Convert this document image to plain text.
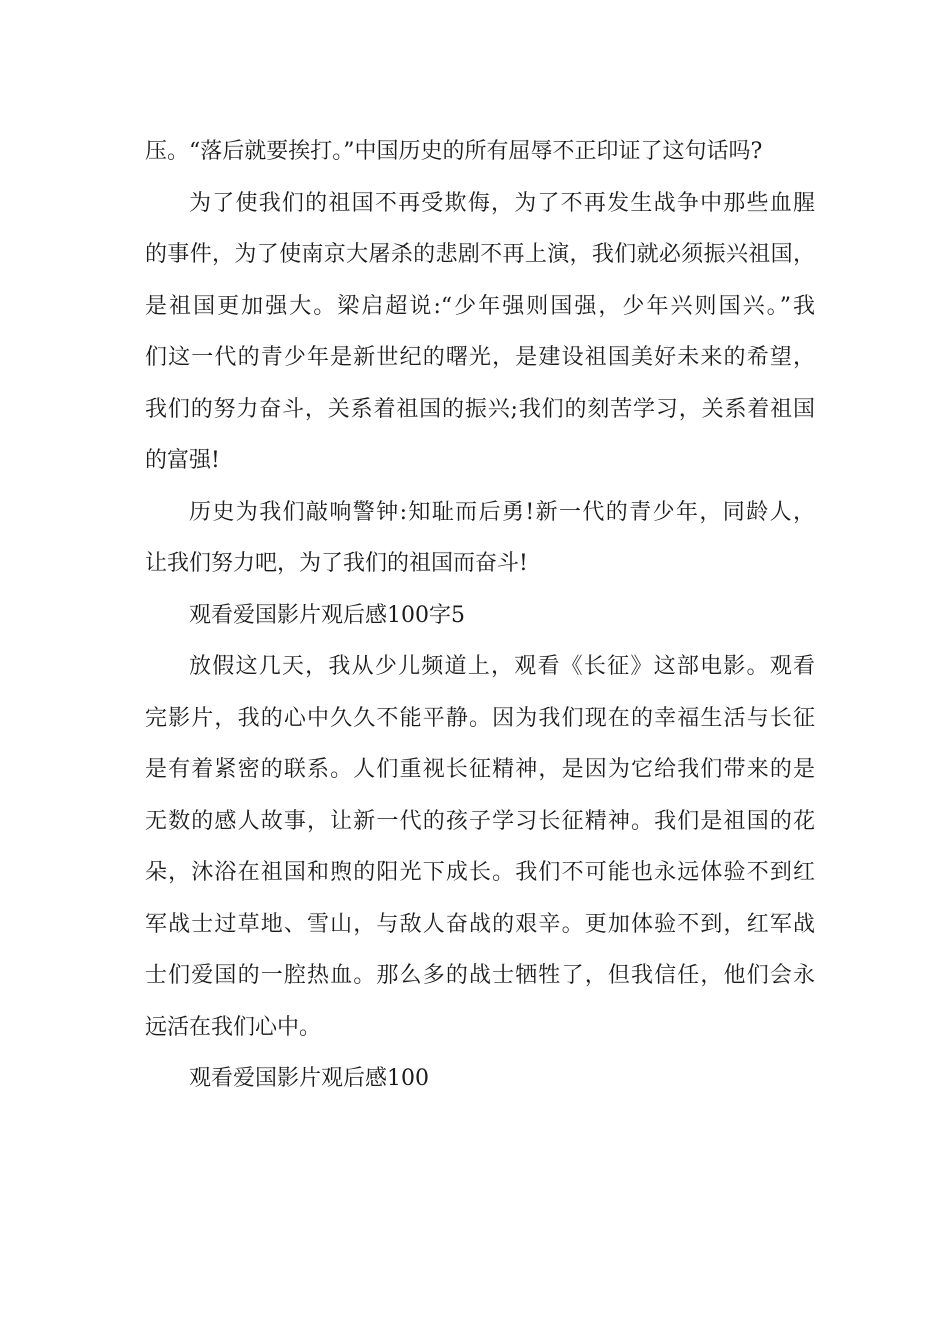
压。“落后就要挨打。”中国历史的所有屈辱不正印证了这句话吗?
为了使我们的祖国不再受欺侮，为了不再发生战争中那些血腥
的事件，为了使南京大屠杀的悲剧不再上演，我们就必须振兴祖国，
是祖国更加强大。梁启超说:“少年强则国强，少年兴则国兴。”我
们这一代的青少年是新世纪的曙光，是建设祖国美好未来的希望，
我们的努力奋斗，关系着祖国的振兴;我们的刻苦学习，关系着祖国
的富强!
历史为我们敲响警钟:知耻而后勇!新一代的青少年，同龄人，
让我们努力吧，为了我们的祖国而奋斗!
观看爱国影片观后感100字5
放假这几天，我从少儿频道上，观看《长征》这部电影。观看
完影片，我的心中久久不能平静。因为我们现在的幸福生活与长征
是有着紧密的联系。人们重视长征精神，是因为它给我们带来的是
无数的感人故事，让新一代的孩子学习长征精神。我们是祖国的花
朵，沐浴在祖国和煦的阳光下成长。我们不可能也永远体验不到红
军战士过草地、雪山，与敌人奋战的艰辛。更加体验不到，红军战
士们爱国的一腔热血。那么多的战士牺牲了，但我信任，他们会永
远活在我们心中。
观看爱国影片观后感100
